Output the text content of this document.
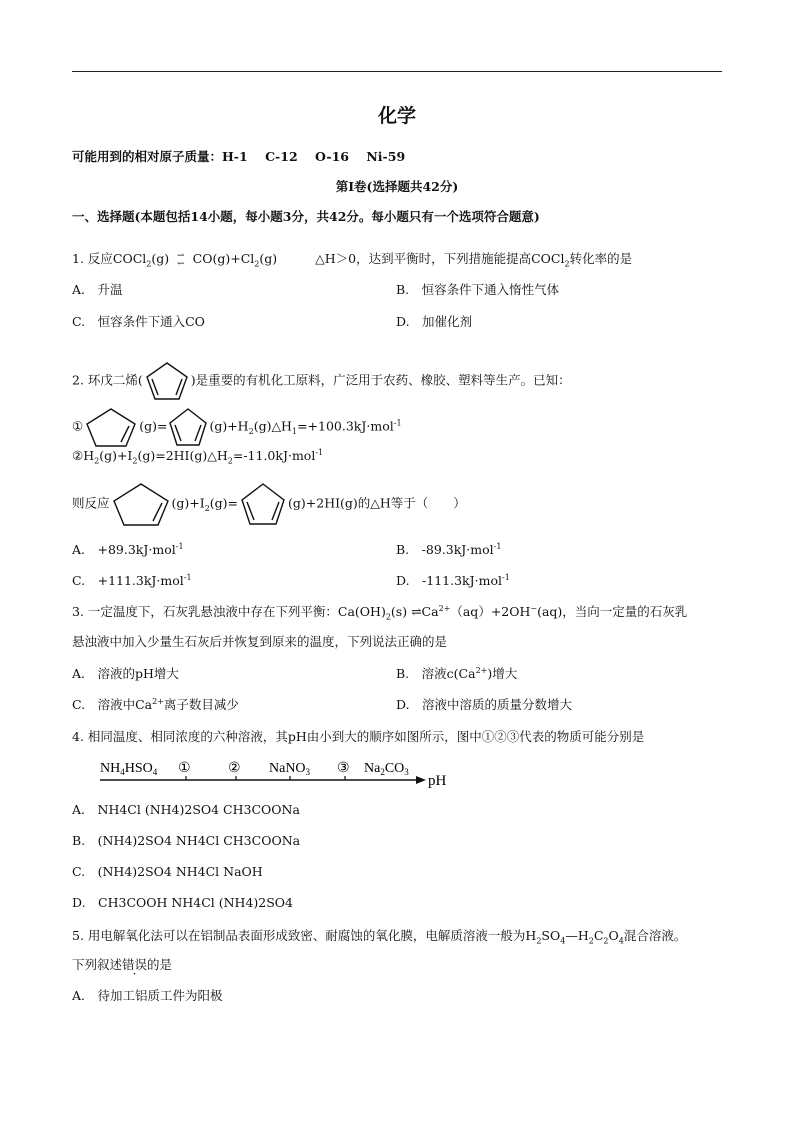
化学
可能用到的相对原子质量：H-1    C-12    O-16    Ni-59
第Ⅰ卷(选择题共42分)
一、选择题(本题包括14小题，每小题3分，共42分。每小题只有一个选项符合题意)
1. 反应COCl$_2$(g) ⇀
↽ $CO(g)+Cl_2(g)$	△H＞0，达到平衡时，下列措施能提高COCl$_2$转化率的是
A.　升温	B.　恒容条件下通入惰性气体
C.　恒容条件下通入CO	D.　加催化剂
2. 环戊二烯(	)是重要的有机化工原料，广泛用于农药、橡胶、塑料等生产。已知：
①	(g)=	$(g)+H_2(g)\triangle H_1=+100.3kJ\cdot mol^{-1}$
$②H_2(g)+I_2(g)=2HI(g)\triangle H_2=-11.0kJ\cdot mol^{-1}$
则反应	$(g)+I_2(g)=$	(g)+2HI(g)的△H等于（　　）
A.　+89.3kJ·mol$^{-1}$	B.　-89.3kJ·mol$^{-1}$
C.　+111.3kJ·mol$^{-1}$	D.　-111.3kJ·mol$^{-1}$
3. 一定温度下，石灰乳悬浊液中存在下列平衡：$Ca(OH)_2(s)$ $\rightleftharpoons Ca^{2+}(aq)+2OH^-(aq)$，当向一定量的石灰乳
悬浊液中加入少量生石灰后并恢复到原来的温度，下列说法正确的是
A.　溶液的pH增大	B.　溶液$c(Ca^{2+})$增大
C.　溶液中$Ca^{2+}$离子数目减少	D.　溶液中溶质的质量分数增大
4. 相同温度、相同浓度的六种溶液，其pH由小到大的顺序如图所示，图中①②③代表的物质可能分别是
$NH_4HSO_4$ ①	② NaNO$_3$ ③ $Na_2CO_3$
pH
A.　NH4Cl (NH4)2SO4 CH3COONa
B.　(NH4)2SO4 NH4Cl CH3COONa
C.　(NH4)2SO4 NH4Cl NaOH
D.　CH3COOH NH4Cl (NH4)2SO4
5. 用电解氧化法可以在铝制品表面形成致密、耐腐蚀的氧化膜，电解质溶液一般为$H_2SO_4—H_2C_2O_4$混合溶液。
下列叙述错误的是
A.　待加工铝质工件为阳极
